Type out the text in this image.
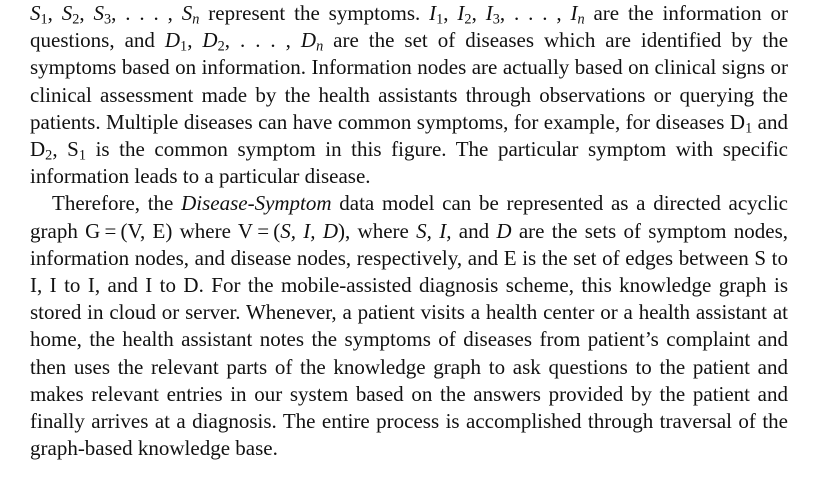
$S_1$, $S_2$, $S_3$, . . . , $S_n$ represent the symptoms. $I_1$, $I_2$, $I_3$, . . . , $I_n$ are the information or questions, and $D_1$, $D_2$, . . . , $D_n$ are the set of diseases which are identified by the symptoms based on information. Information nodes are actually based on clinical signs or clinical assessment made by the health assistants through observations or querying the patients. Multiple diseases can have common symptoms, for example, for diseases $D_1$ and $D_2$, $S_1$ is the common symptom in this figure. The particular symptom with specific information leads to a particular disease.

Therefore, the Disease-Symptom data model can be represented as a directed acyclic graph G = (V, E) where V = (S, I, D), where S, I, and D are the sets of symptom nodes, information nodes, and disease nodes, respectively, and E is the set of edges between S to I, I to I, and I to D. For the mobile-assisted diagnosis scheme, this knowledge graph is stored in cloud or server. Whenever, a patient visits a health center or a health assistant at home, the health assistant notes the symptoms of diseases from patient’s complaint and then uses the relevant parts of the knowledge graph to ask questions to the patient and makes relevant entries in our system based on the answers provided by the patient and finally arrives at a diagnosis. The entire process is accomplished through traversal of the graph-based knowledge base.
